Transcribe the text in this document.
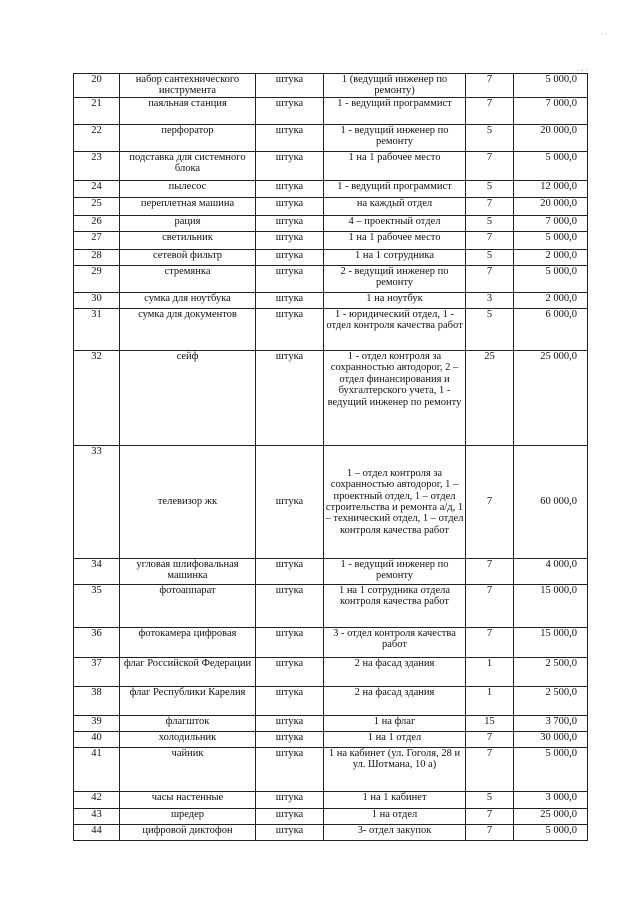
20	набор сантехнического инструмента	штука	1 (ведущий инженер по ремонту)	7	5 000,0
21	паяльная станция	штука	1 - ведущий программист	7	7 000,0
22	перфоратор	штука	1 - ведущий инженер по ремонту	5	20 000,0
23	подставка для системного блока	штука	1 на 1 рабочее место	7	5 000,0
24	пылесос	штука	1 - ведущий программист	5	12 000,0
25	переплетная машина	штука	на каждый отдел	7	20 000,0
26	рация	штука	4 – проектный отдел	5	7 000,0
27	светильник	штука	1 на 1 рабочее место	7	5 000,0
28	сетевой фильтр	штука	1 на 1 сотрудника	5	2 000,0
29	стремянка	штука	2 - ведущий инженер по ремонту	7	5 000,0
30	сумка для ноутбука	штука	1 на ноутбук	3	2 000,0
31	сумка для документов	штука	1 - юридический отдел, 1 - отдел контроля качества работ	5	6 000,0
32	сейф	штука	1 - отдел контроля за сохранностью автодорог, 2 – отдел финансирования и бухгалтерского учета, 1 - ведущий инженер по ремонту	25	25 000,0
33	телевизор жк	штука	1 – отдел контроля за сохранностью автодорог, 1 – проектный отдел, 1 – отдел строительства и ремонта а/д, 1 – технический отдел, 1 – отдел контроля качества работ	7	60 000,0
34	угловая шлифовальная машинка	штука	1 - ведущий инженер по ремонту	7	4 000,0
35	фотоаппарат	штука	1 на 1 сотрудника отдела контроля качества работ	7	15 000,0
36	фотокамера цифровая	штука	3 - отдел контроля качества работ	7	15 000,0
37	флаг Российской Федерации	штука	2 на фасад здания	1	2 500,0
38	флаг Республики Карелия	штука	2 на фасад здания	1	2 500,0
39	флагшток	штука	1 на флаг	15	3 700,0
40	холодильник	штука	1 на 1 отдел	7	30 000,0
41	чайник	штука	1 на кабинет (ул. Гоголя, 28 и ул. Шотмана, 10 а)	7	5 000,0
42	часы настенные	штука	1 на 1 кабинет	5	3 000,0
43	шредер	штука	1 на отдел	7	25 000,0
44	цифровой диктофон	штука	3- отдел закупок	7	5 000,0
· ·
· - ·
